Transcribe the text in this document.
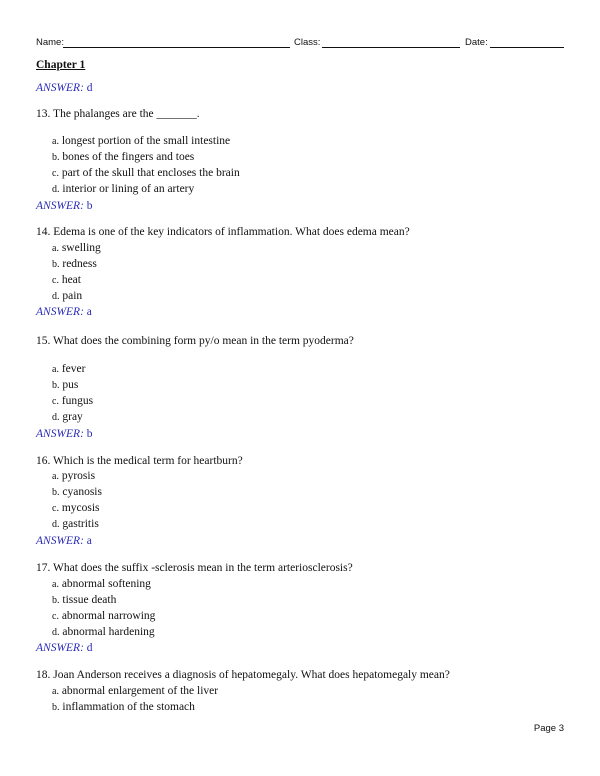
Name:	Class:	Date:
Chapter 1
ANSWER: d
13. The phalanges are the _______.
a. longest portion of the small intestine
b. bones of the fingers and toes
c. part of the skull that encloses the brain
d. interior or lining of an artery
ANSWER: b
14. Edema is one of the key indicators of inflammation. What does edema mean?
a. swelling
b. redness
c. heat
d. pain
ANSWER: a
15. What does the combining form py/o mean in the term pyoderma?
a. fever
b. pus
c. fungus
d. gray
ANSWER: b
16. Which is the medical term for heartburn?
a. pyrosis
b. cyanosis
c. mycosis
d. gastritis
ANSWER: a
17. What does the suffix -sclerosis mean in the term arteriosclerosis?
a. abnormal softening
b. tissue death
c. abnormal narrowing
d. abnormal hardening
ANSWER: d
18. Joan Anderson receives a diagnosis of hepatomegaly. What does hepatomegaly mean?
a. abnormal enlargement of the liver
b. inflammation of the stomach
Page 3
